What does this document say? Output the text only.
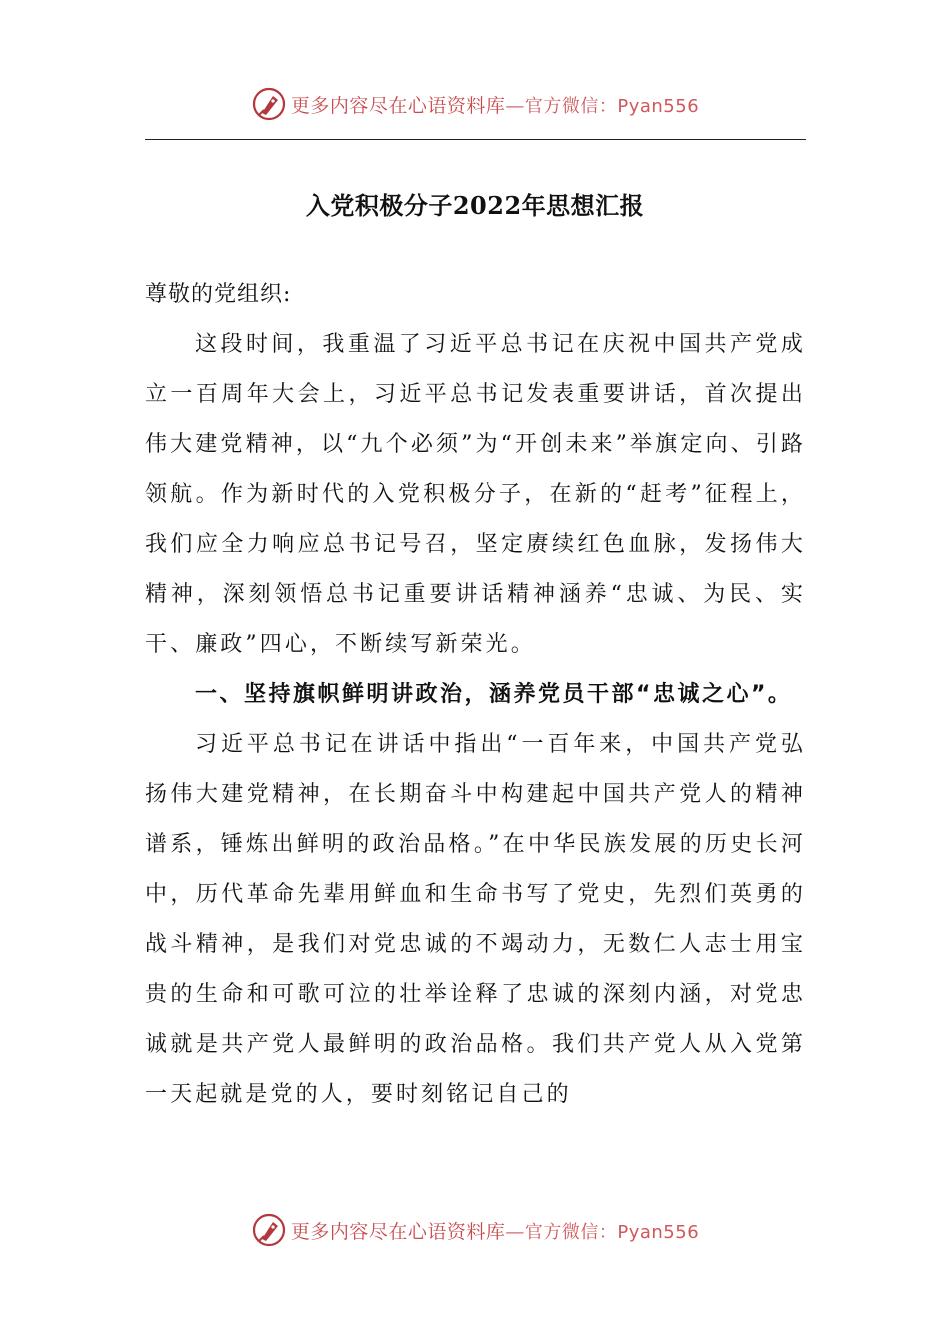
更多内容尽在心语资料库—官方微信：Pyan556
入党积极分子2022年思想汇报
尊敬的党组织:

这段时间，我重温了习近平总书记在庆祝中国共产党成立一百周年大会上，习近平总书记发表重要讲话，首次提出伟大建党精神，以“九个必须”为“开创未来”举旗定向、引路领航。作为新时代的入党积极分子，在新的“赶考”征程上，我们应全力响应总书记号召，坚定赓续红色血脉，发扬伟大精神，深刻领悟总书记重要讲话精神涵养“忠诚、为民、实干、廉政”四心，不断续写新荣光。

一、坚持旗帜鲜明讲政治，涵养党员干部“忠诚之心”。

习近平总书记在讲话中指出“一百年来，中国共产党弘扬伟大建党精神，在长期奋斗中构建起中国共产党人的精神谱系，锤炼出鲜明的政治品格。”在中华民族发展的历史长河中，历代革命先辈用鲜血和生命书写了党史，先烈们英勇的战斗精神，是我们对党忠诚的不竭动力，无数仁人志士用宝贵的生命和可歌可泣的壮举诠释了忠诚的深刻内涵，对党忠诚就是共产党人最鲜明的政治品格。我们共产党人从入党第一天起就是党的人，要时刻铭记自己的

更多内容尽在心语资料库—官方微信：Pyan556
